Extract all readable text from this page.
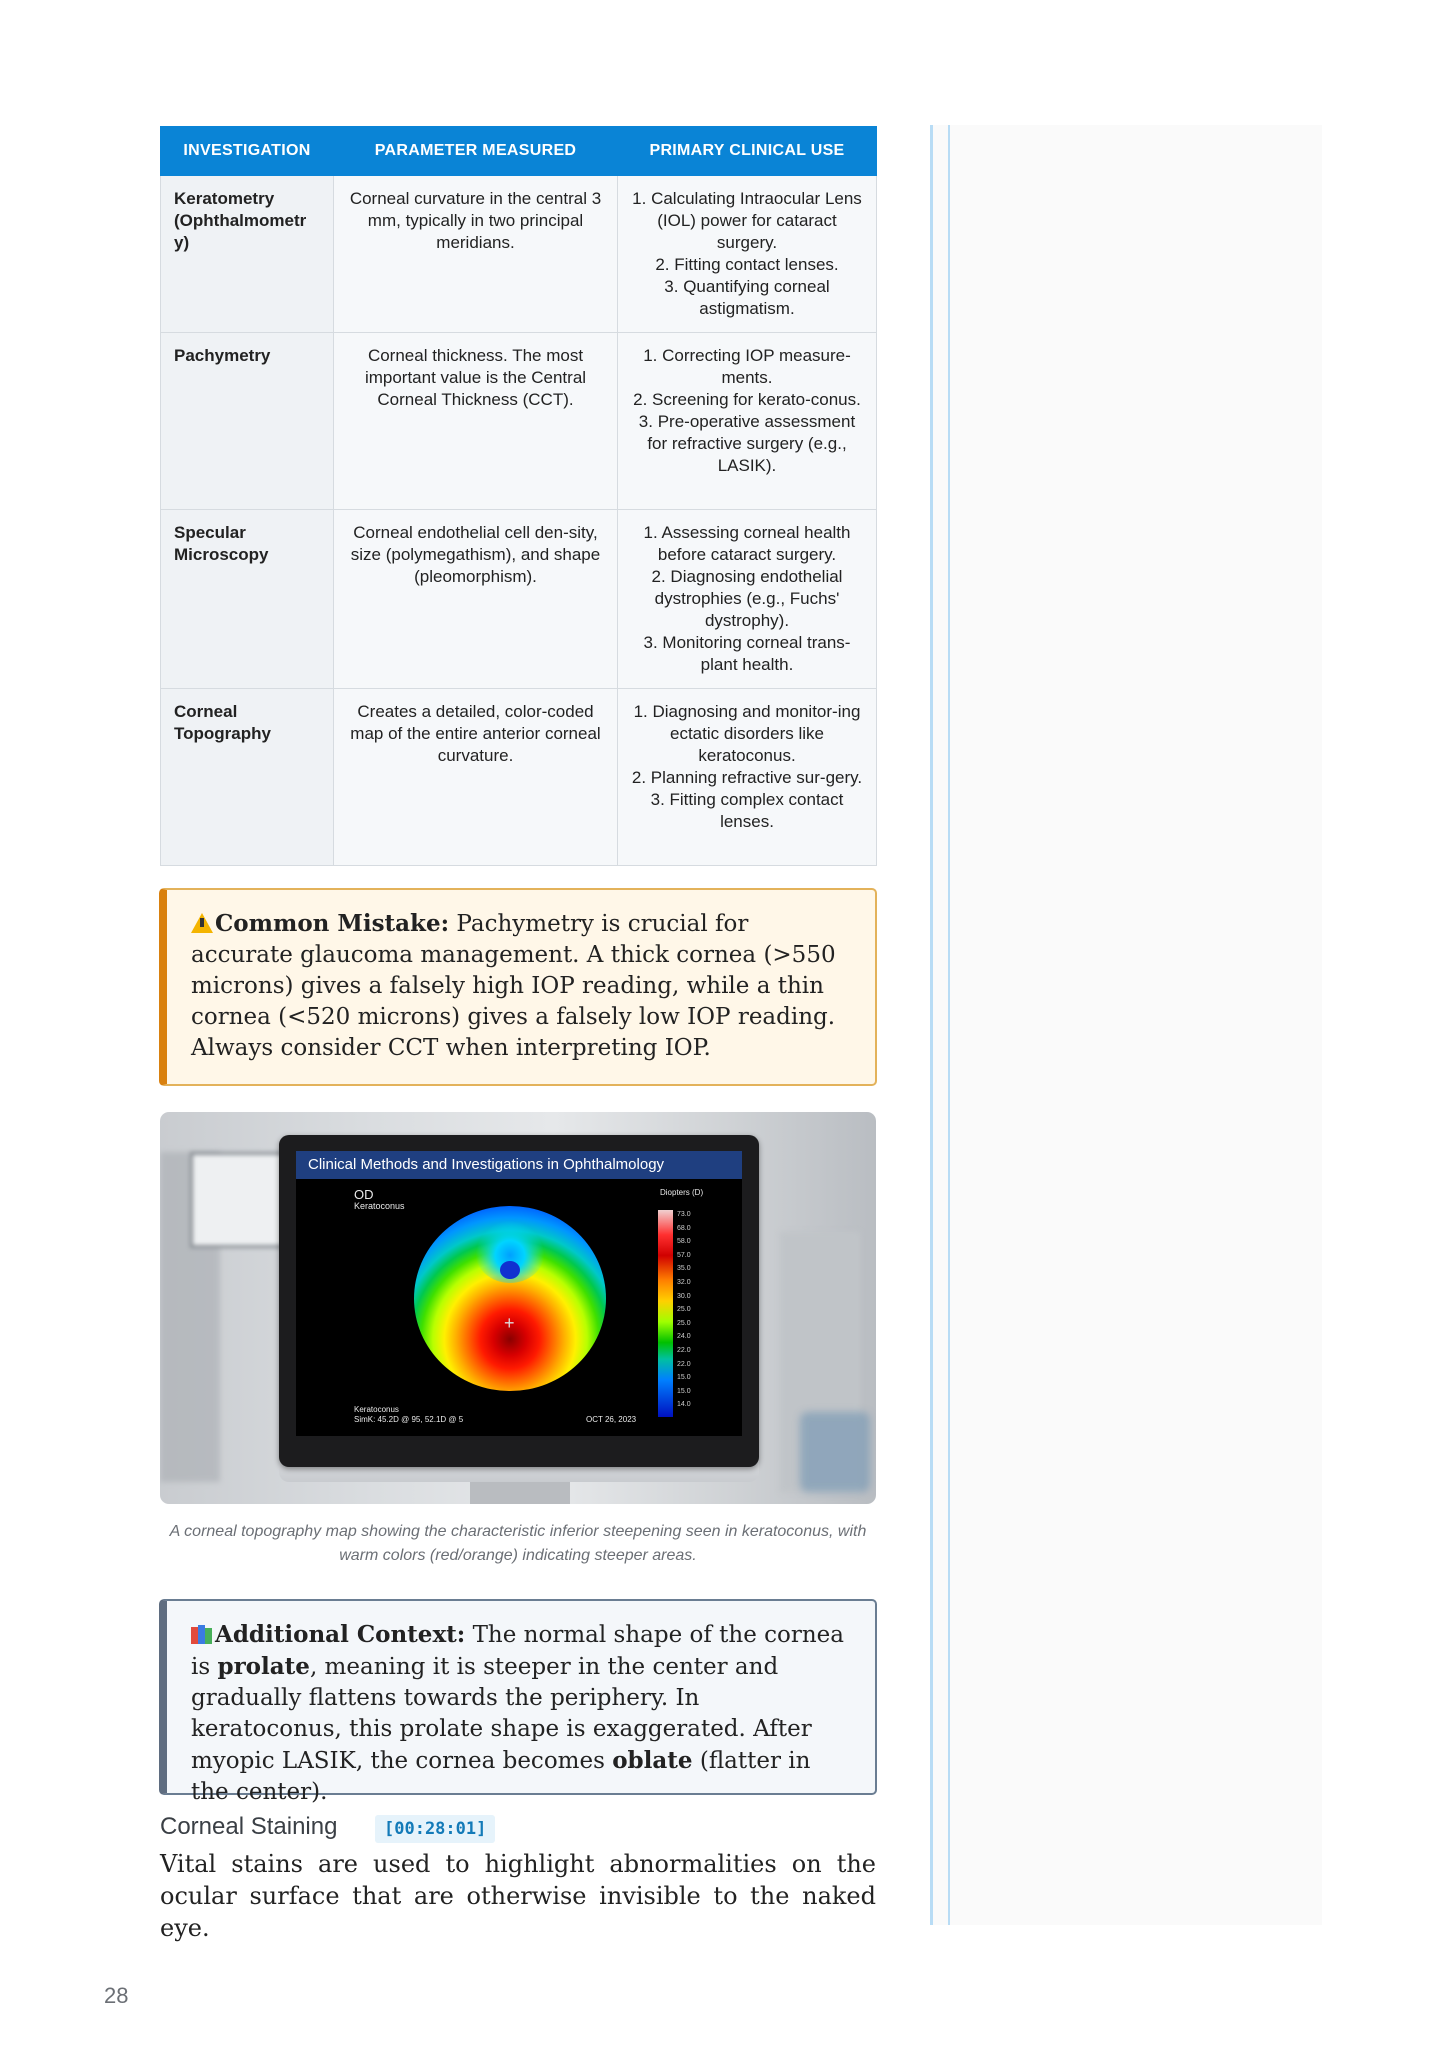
INVESTIGATION	PARAMETER MEASURED	PRIMARY CLINICAL USE
Keratometry (Ophthalmometr y)	Corneal curvature in the central 3 mm, typically in two principal meridians.	1. Calculating Intraocular Lens (IOL) power for cataract surgery.
2. Fitting contact lenses.
3. Quantifying corneal astigmatism.

Pachymetry	Corneal thickness. The most important value is the Central Corneal Thickness (CCT).	1. Correcting IOP measure-ments.
2. Screening for kerato-conus.
3. Pre-operative assessment for refractive surgery (e.g., LASIK).

Specular Microscopy	Corneal endothelial cell den-sity, size (polymegathism), and shape (pleomorphism).	1. Assessing corneal health before cataract surgery.
2. Diagnosing endothelial dystrophies (e.g., Fuchs' dystrophy).
3. Monitoring corneal trans-plant health.

Corneal Topography	Creates a detailed, color-coded map of the entire anterior corneal curvature.	1. Diagnosing and monitor-ing ectatic disorders like keratoconus.
2. Planning refractive sur-gery.
3. Fitting complex contact lenses.
Common Mistake: Pachymetry is crucial for accurate glaucoma management. A thick cornea (>550 microns) gives a falsely high IOP reading, while a thin cornea (<520 microns) gives a falsely low IOP reading. Always consider CCT when interpreting IOP.
Clinical Methods and Investigations in Ophthalmology
OD
Keratoconus
Diopters (D)
+
73.0
68.0
58.0
57.0
35.0
32.0
30.0
25.0
25.0
24.0
22.0
22.0
15.0
15.0
14.0
Keratoconus
SimK: 45.2D @ 95, 52.1D @ 5	OCT 26, 2023
A corneal topography map showing the characteristic inferior steepening seen in keratoconus, with warm colors (red/orange) indicating steeper areas.
Additional Context: The normal shape of the cornea is prolate, meaning it is steeper in the center and gradually flattens towards the periphery. In keratoconus, this prolate shape is exaggerated. After myopic LASIK, the cornea becomes oblate (flatter in the center).
Corneal Staining	[00:28:01]
Vital stains are used to highlight abnormalities on the ocular surface that are otherwise invisible to the naked eye.
28
